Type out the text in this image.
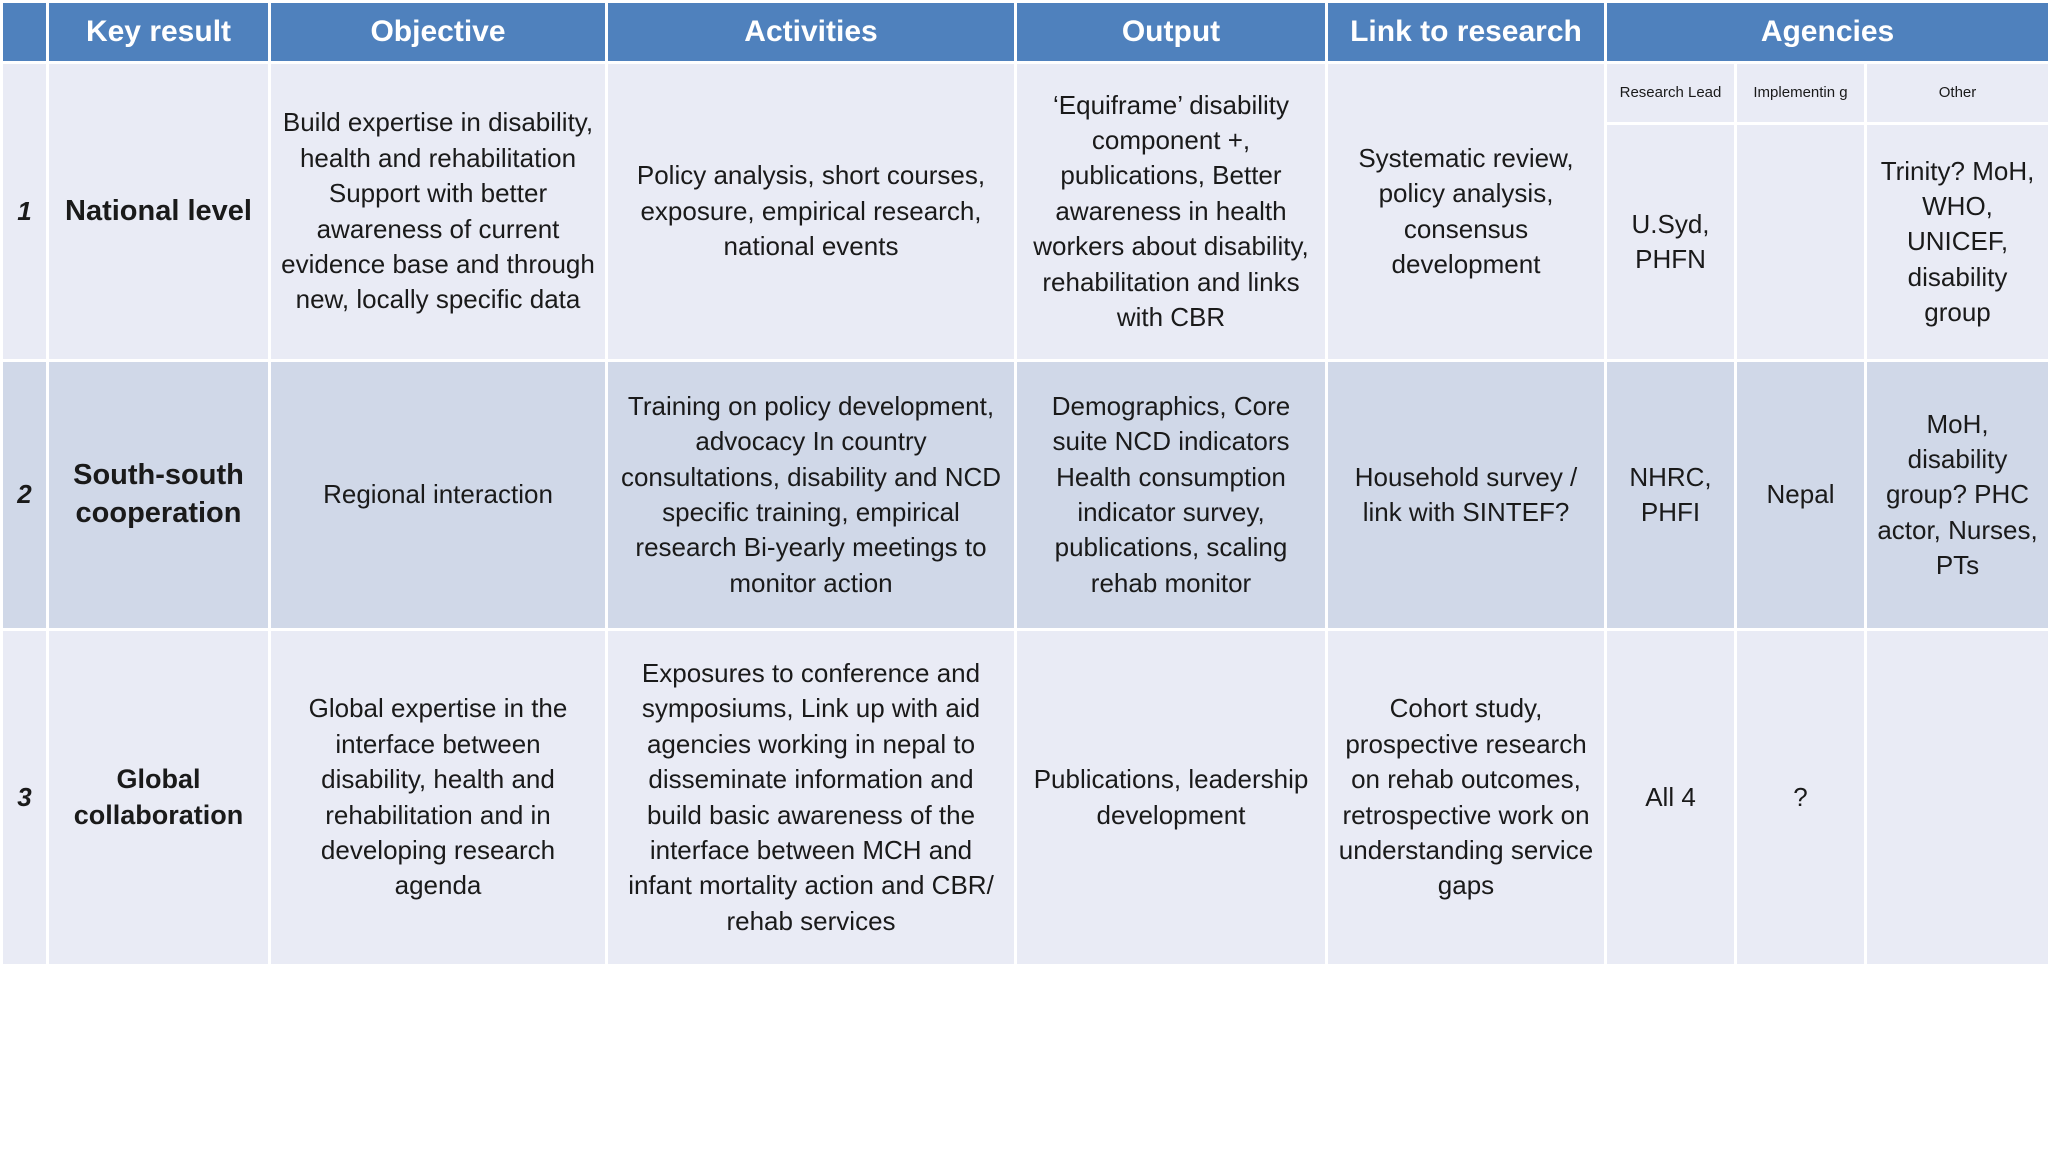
	Key result	Objective	Activities	Output	Link to research	Agencies		
1	National level	Build expertise in disability, health and rehabilitation Support with better awareness of current evidence base and through new, locally specific data	Policy analysis, short courses, exposure, empirical research, national events	‘Equiframe’ disability component +, publications, Better awareness in health workers about disability, rehabilitation and links with CBR	Systematic review, policy analysis, consensus development	Research Lead	Implementin g	Other
						U.Syd, PHFN		Trinity? MoH, WHO, UNICEF, disability group
2	South-south cooperation	Regional interaction	Training on policy development, advocacy In country consultations, disability and NCD specific training, empirical research Bi-yearly meetings to monitor action	Demographics, Core suite NCD indicators Health consumption indicator survey, publications, scaling rehab monitor	Household survey / link with SINTEF?	NHRC, PHFI	Nepal	MoH, disability group? PHC actor, Nurses, PTs
3	Global collaboration	Global expertise in the interface between disability, health and rehabilitation and in developing research agenda	Exposures to conference and symposiums, Link up with aid agencies working in nepal to disseminate information and build basic awareness of the interface between MCH and infant mortality action and CBR/ rehab services	Publications, leadership development	Cohort study, prospective research on rehab outcomes, retrospective work on understanding service gaps	All 4	?	
